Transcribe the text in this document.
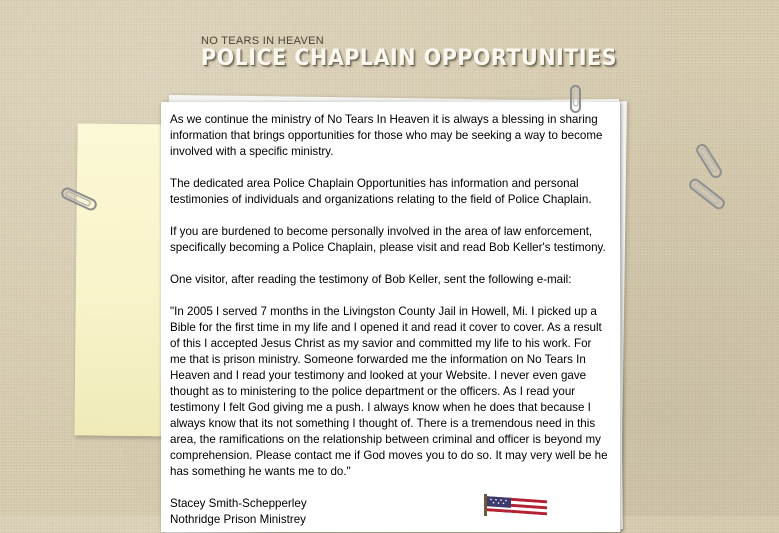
NO TEARS IN HEAVEN
POLICE CHAPLAIN OPPORTUNITIES

As we continue the ministry of No Tears In Heaven it is always a blessing in sharing information that brings opportunities for those who may be seeking a way to become involved with a specific ministry.

The dedicated area Police Chaplain Opportunities has information and personal testimonies of individuals and organizations relating to the field of Police Chaplain.

If you are burdened to become personally involved in the area of law enforcement, specifically becoming a Police Chaplain, please visit and read Bob Keller's testimony.

One visitor, after reading the testimony of Bob Keller, sent the following e-mail:

"In 2005 I served 7 months in the Livingston County Jail in Howell, Mi. I picked up a Bible for the first time in my life and I opened it and read it cover to cover. As a result of this I accepted Jesus Christ as my savior and committed my life to his work. For me that is prison ministry. Someone forwarded me the information on No Tears In Heaven and I read your testimony and looked at your Website. I never even gave thought as to ministering to the police department or the officers. As I read your testimony I felt God giving me a push. I always know when he does that because I always know that its not something I thought of. There is a tremendous need in this area, the ramifications on the relationship between criminal and officer is beyond my comprehension. Please contact me if God moves you to do so. It may very well be he has something he wants me to do."

Stacey Smith-Schepperley
Nothridge Prison Ministrey
